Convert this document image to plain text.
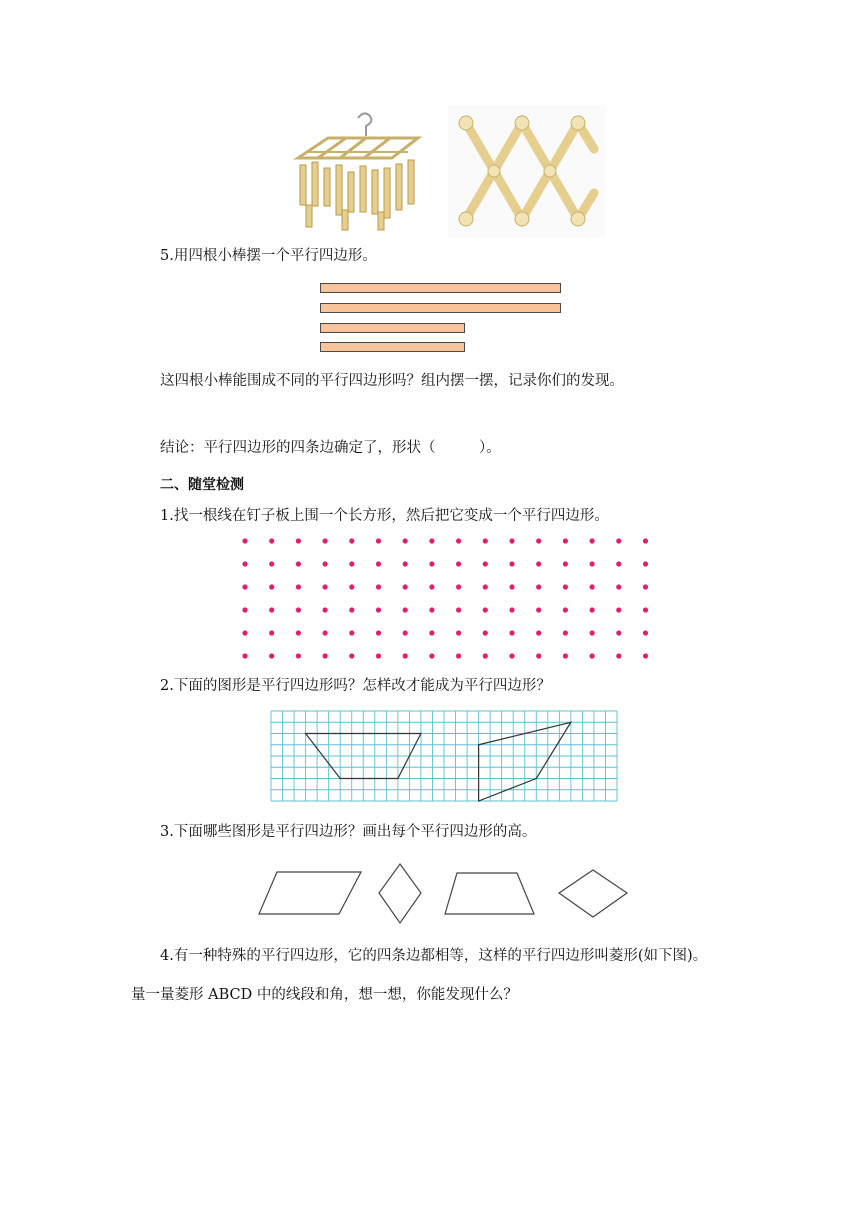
5.用四根小棒摆一个平行四边形。
这四根小棒能围成不同的平行四边形吗？组内摆一摆，记录你们的发现。
结论：平行四边形的四条边确定了，形状（　　　）。
二、随堂检测
1.找一根线在钉子板上围一个长方形，然后把它变成一个平行四边形。
2.下面的图形是平行四边形吗？怎样改才能成为平行四边形？
3.下面哪些图形是平行四边形？画出每个平行四边形的高。
4.有一种特殊的平行四边形，它的四条边都相等，这样的平行四边形叫菱形(如下图)。
量一量菱形 ABCD 中的线段和角，想一想，你能发现什么？
